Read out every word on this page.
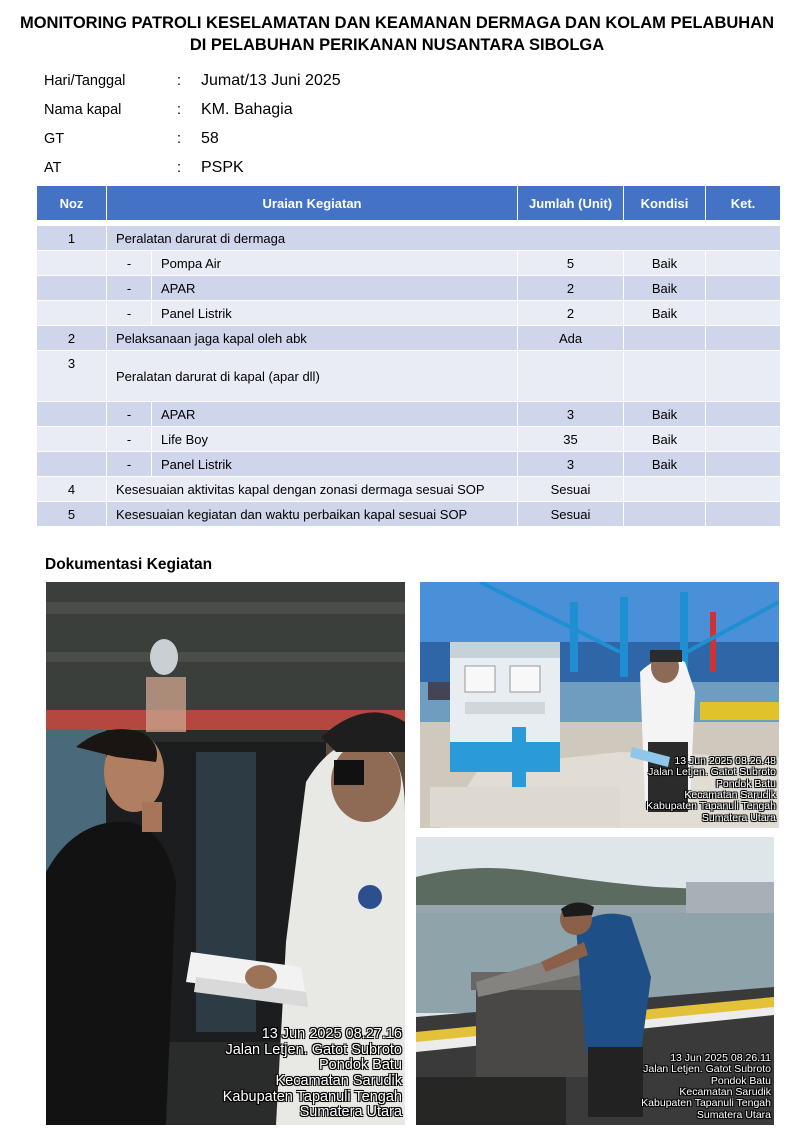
MONITORING PATROLI KESELAMATAN DAN KEAMANAN DERMAGA DAN KOLAM PELABUHAN
DI PELABUHAN PERIKANAN NUSANTARA SIBOLGA
Hari/Tanggal	:	Jumat/13 Juni 2025
Nama kapal	:	KM. Bahagia
GT	:	58
AT	:	PSPK
Noz	Uraian Kegiatan		Jumlah (Unit)	Kondisi	Ket.

1	Peralatan darurat di dermaga				
	-	Pompa Air	5	Baik	
	-	APAR	2	Baik	
	-	Panel Listrik	2	Baik	
2	Pelaksanaan jaga kapal oleh abk		Ada		
3	Peralatan darurat di kapal (apar dll)				
	-	APAR	3	Baik	
	-	Life Boy	35	Baik	
	-	Panel Listrik	3	Baik	
4	Kesesuaian aktivitas kapal dengan zonasi dermaga sesuai SOP		Sesuai		
5	Kesesuaian kegiatan dan waktu perbaikan kapal sesuai SOP		Sesuai		
Dokumentasi Kegiatan
13 Jun 2025 08.27.16
Jalan Letjen. Gatot Subroto
Pondok Batu
Kecamatan Sarudik
Kabupaten Tapanuli Tengah
Sumatera Utara
13 Jun 2025 08.26.48
Jalan Letjen. Gatot Subroto
Pondok Batu
Kecamatan Sarudik
Kabupaten Tapanuli Tengah
Sumatera Utara
13 Jun 2025 08.26.11
Jalan Letjen. Gatot Subroto
Pondok Batu
Kecamatan Sarudik
Kabupaten Tapanuli Tengah
Sumatera Utara
